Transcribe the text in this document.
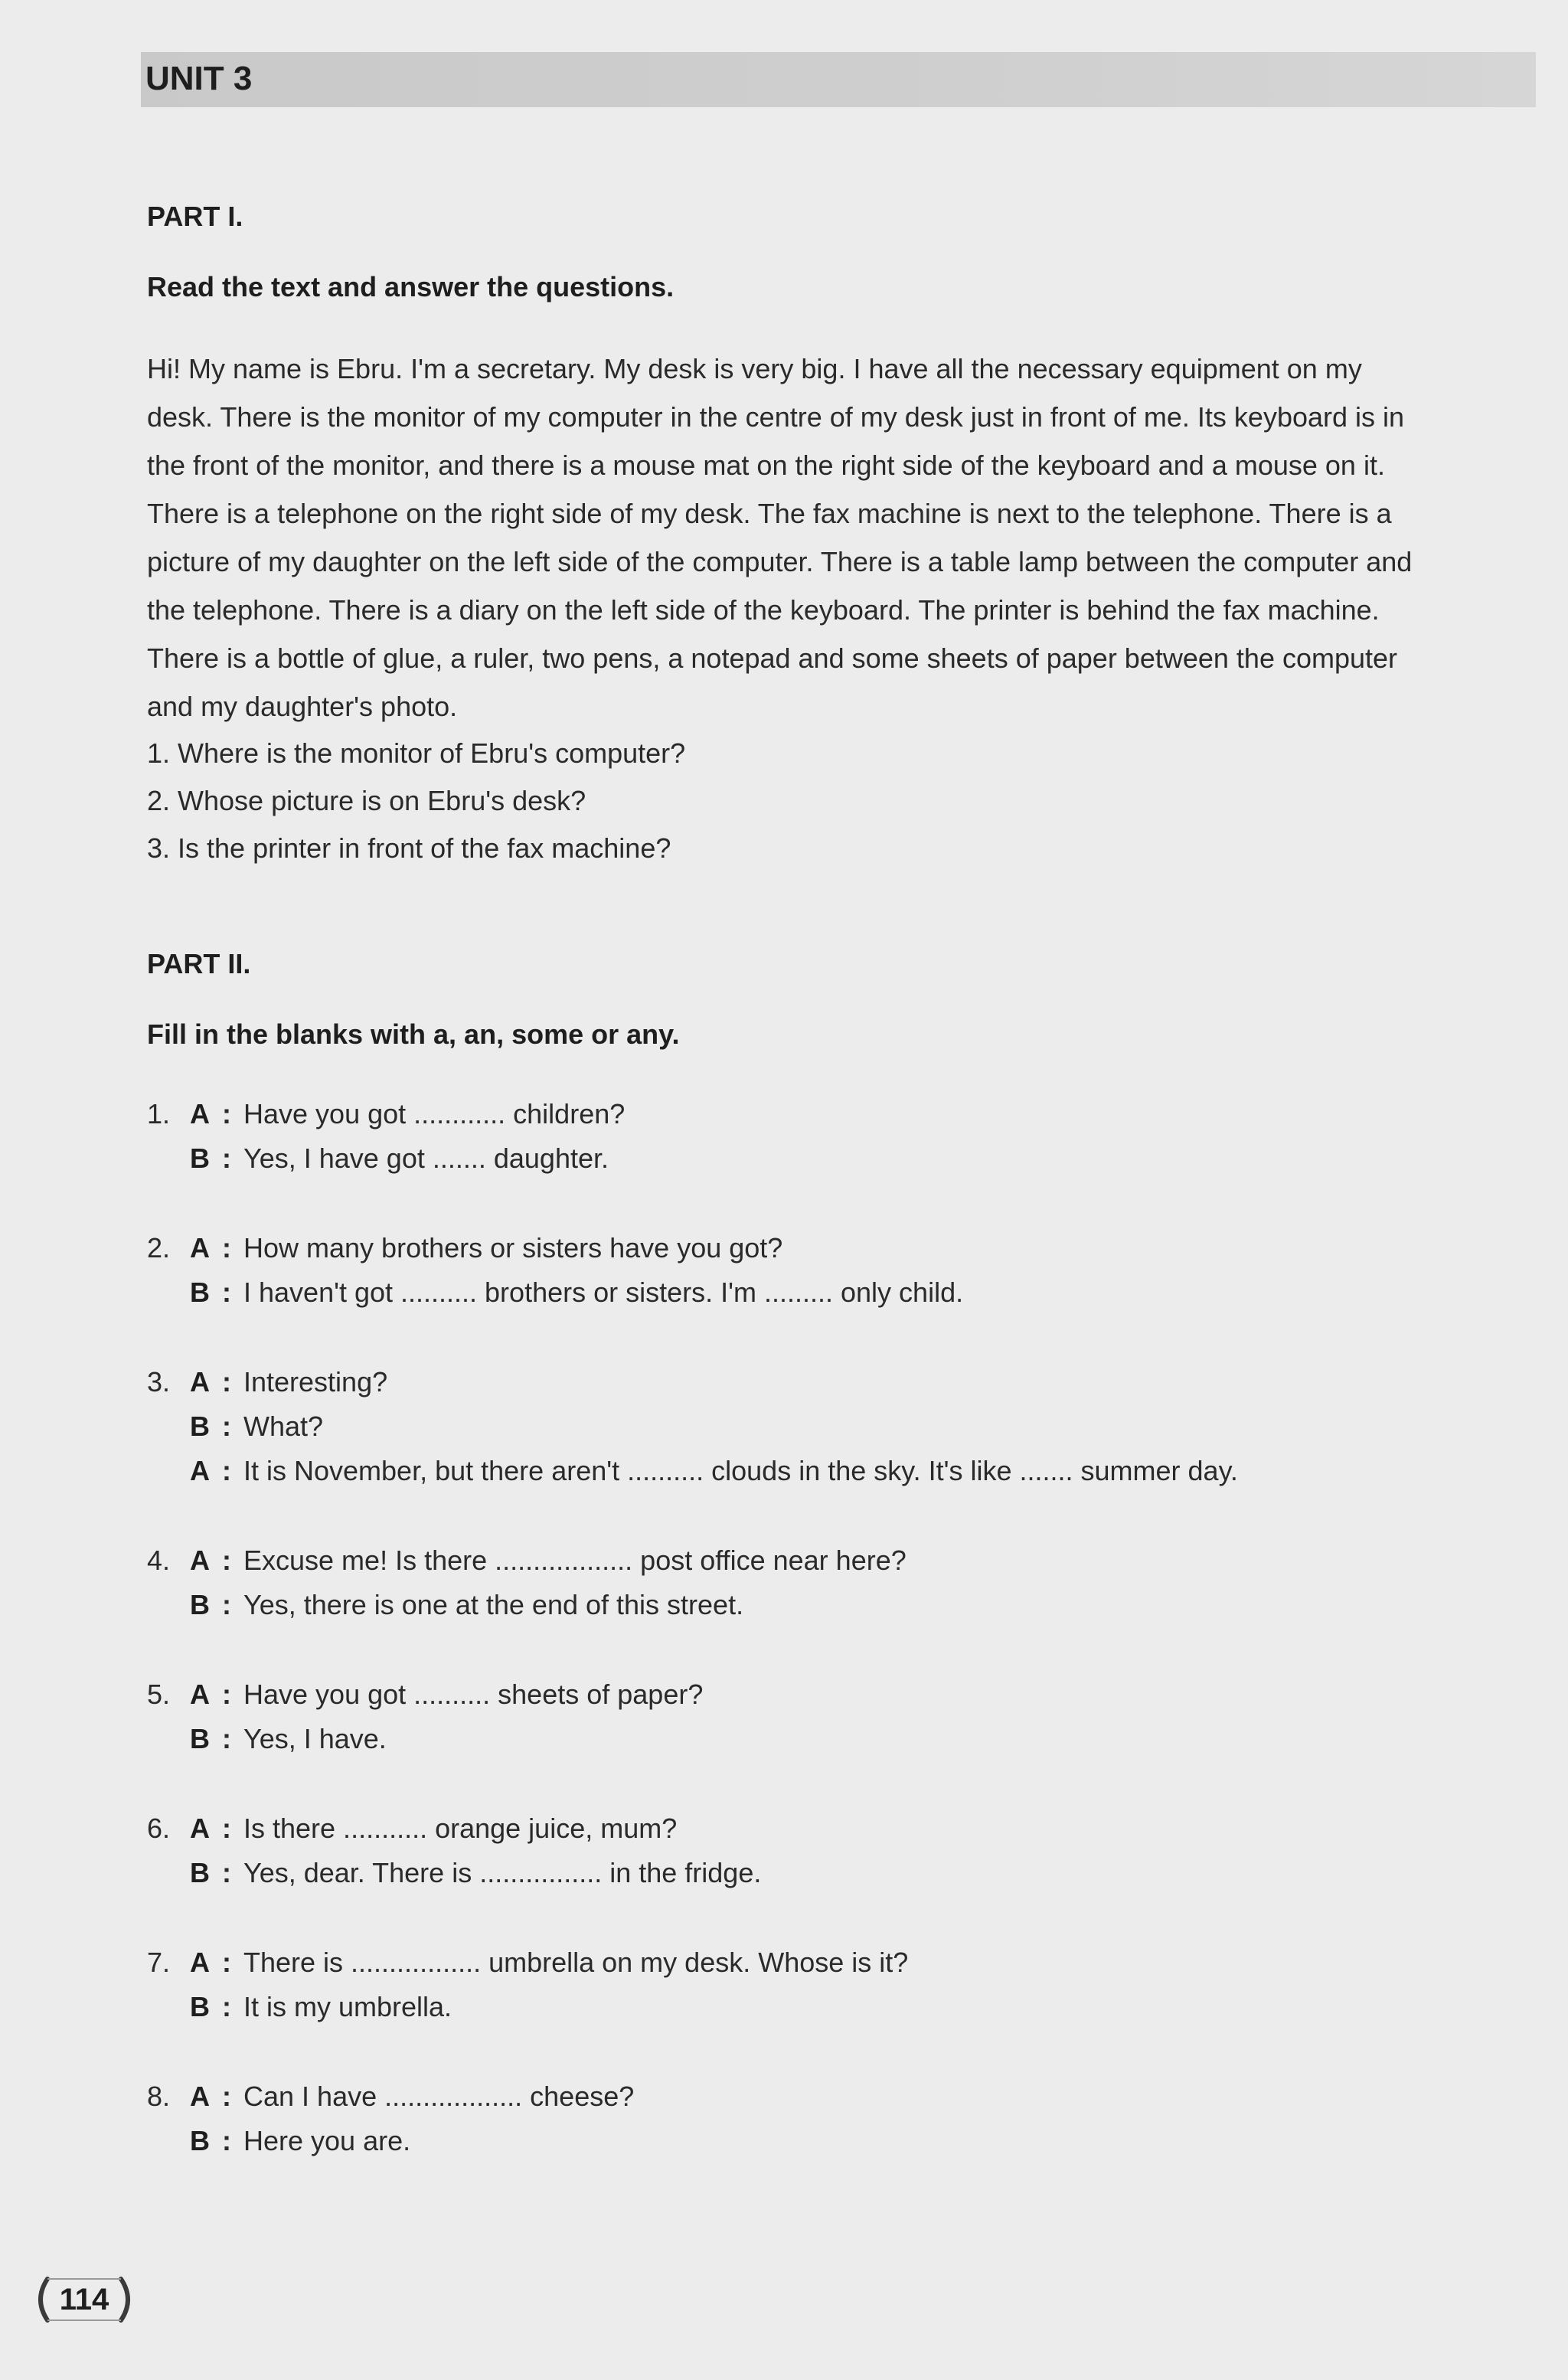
UNIT 3
PART I.
Read the text and answer the questions.
Hi! My name is Ebru. I'm a secretary. My desk is very big. I have all the necessary equipment on my
desk. There is the monitor of my computer in the centre of my desk just in front of me. Its keyboard is in
the front of the monitor, and there is a mouse mat on the right side of the keyboard and a mouse on it.
There is a telephone on the right side of my desk. The fax machine is next to the telephone. There is a
picture of my daughter on the left side of the computer. There is a table lamp between the computer and
the telephone. There is a diary on the left side of the keyboard. The printer is behind the fax machine.
There is a bottle of glue, a ruler, two pens, a notepad and some sheets of paper between the computer
and my daughter's photo.
1. Where is the monitor of Ebru's computer?
2. Whose picture is on Ebru's desk?
3. Is the printer in front of the fax machine?
PART II.
Fill in the blanks with a, an, some or any.
1. A : Have you got ............ children?
B : Yes, I have got ....... daughter.
2. A : How many brothers or sisters have you got?
B : I haven't got .......... brothers or sisters. I'm ......... only child.
3. A : Interesting?
B : What?
A : It is November, but there aren't .......... clouds in the sky. It's like ....... summer day.
4. A : Excuse me! Is there .................. post office near here?
B : Yes, there is one at the end of this street.
5. A : Have you got .......... sheets of paper?
B : Yes, I have.
6. A : Is there ........... orange juice, mum?
B : Yes, dear. There is ................ in the fridge.
7. A : There is ................. umbrella on my desk. Whose is it?
B : It is my umbrella.
8. A : Can I have .................. cheese?
B : Here you are.
114
